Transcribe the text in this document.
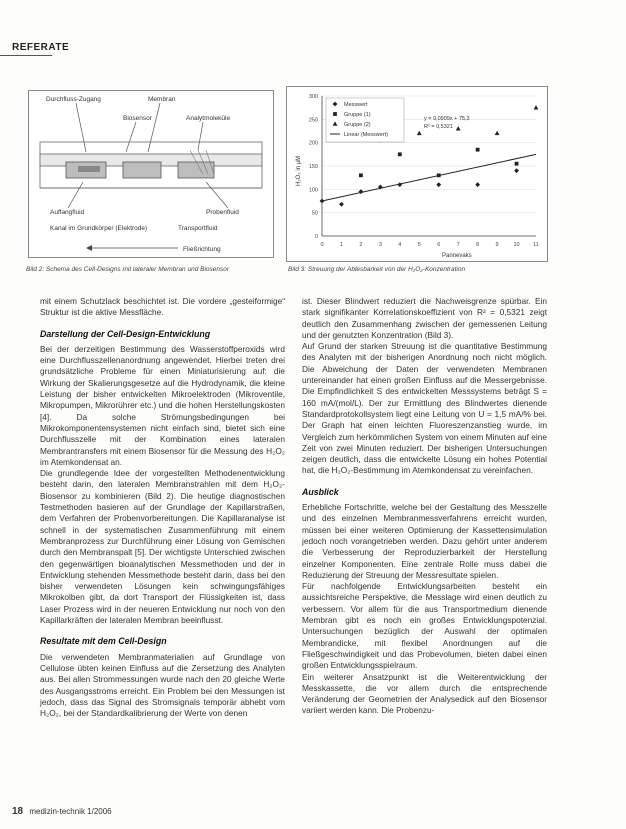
REFERATE
Durchfluss-Zugang	Membran
Biosensor	Analytmoleküle
Auffangfluid	Probenfluid
Kanal im Grundkörper (Elektrode)	Transportfluid
Fließrichtung
Bild 2: Schema des Cell-Designs mit lateraler Membran und Biosensor
0
50
100
150
200
250
300
0	1	2	3	4	5	6	7	8	9	10 11
Messwert
Gruppe (1)
Gruppe (2)
Linear (Messwert)
y = 9,0909x + 75,3
R² = 0,5321
H₂O₂ in µM
Pannevaks
Bild 3: Streuung der Ablesbarkeit von der H₂O₂-Konzentration

mit einem Schutzlack beschichtet ist. Die vordere „gesteiformige“ Struktur ist die aktive Messfläche.

Darstellung der Cell-Design-Entwicklung

Bei der derzeitigen Bestimmung des Wasserstoffperoxids wird eine Durchflusszellenanordnung angewendet. Hierbei treten drei grundsätzliche Probleme für einen Miniaturisierung auf: die Wirkung der Skalierungsgesetze auf die Hydrodynamik, die kleine Leistung der bisher entwickelten Mikroelektroden (Mikroventile, Mikropumpen, Mikrorührer etc.) und die hohen Herstellungskosten [4]. Da solche Strömungsbedingungen bei Mikrokomponentensystemen nicht einfach sind, bietet sich eine Durchflusszelle mit der Kombination eines lateralen Membrantransfers mit einem Biosensor für die Messung des H₂O₂ im Atemkondensat an.

Die grundlegende Idee der vorgestellten Methodenentwicklung besteht darin, den lateralen Membranstrahlen mit dem H₂O₂-Biosensor zu kombinieren (Bild 2). Die heutige diagnostischen Testmethoden basieren auf der Grundlage der Kapillarstraßen, dem Verfahren der Probenvorbereitungen. Die Kapillaranalyse ist schnell in der systematischen Zusammenführung mit einem Membranprozess zur Durchführung einer Lösung von Gemischen durch den Membranspalt [5]. Der wichtigste Unterschied zwischen den gegenwärtigen bioanalytischen Messmethoden und der in Entwicklung stehenden Messmethode besteht darin, dass bei den bisher verwendeten Lösungen kein schwingungsfähiges Mikrokolben gibt, da dort Transport der Flüssigkeiten ist, dass Laser Prozess wird in der neueren Entwicklung nur noch von den Kapillarkräften der lateralen Membran beeinflusst.

Resultate mit dem Cell-Design

Die verwendeten Membranmaterialien auf Grundlage von Cellulose übten keinen Einfluss auf die Zersetzung des Analyten aus. Bei allen Strommessungen wurde nach den 20 gleiche Werte des Ausgangsstroms erreicht. Ein Problem bei den Messungen ist jedoch, dass das Signal des Stromsignals temporär abhebt vom H₂O₂, bei der Standardkalibrierung der Werte von denen

ist. Dieser Blindwert reduziert die Nachweisgrenze spürbar. Ein stark signifikanter Korrelationskoeffizient von R² = 0,5321 zeigt deutlich den Zusammenhang zwischen der gemessenen Leitung und der genutzten Konzentration (Bild 3).

Auf Grund der starken Streuung ist die quantitative Bestimmung des Analyten mit der bisherigen Anordnung noch nicht möglich. Die Abweichung der Daten der verwendeten Membranen untereinander hat einen großen Einfluss auf die Messergebnisse. Die Empfindlichkeit S des entwickelten Messsystems beträgt S = 160 mA/(mol/L). Der zur Ermittlung des Blindwertes dienende Standardprotokollsystem liegt eine Leitung von U = 1,5 mA/% bei. Der Graph hat einen leichten Fluoreszenzanstieg wurde, im Vergleich zum herkömmlichen System von einem Minuten auf eine Zeit von zwei Minuten reduziert. Der bisherigen Untersuchungen zeigen deutlich, dass die entwickelte Lösung ein hohes Potential hat, die H₂O₂-Bestimmung im Atemkondensat zu vereinfachen.

Ausblick

Erhebliche Fortschritte, welche bei der Gestaltung des Messzelle und des einzelnen Membranmessverfahrens erreicht wurden, müssen bei einer weiteren Optimierung der Kassettensimulation jedoch noch vorangetrieben werden. Dazu gehört unter anderem die Verbesserung der Reproduzierbarkeit der Herstellung einzelner Komponenten. Eine zentrale Rolle muss dabei die Reduzierung der Streuung der Messresultate spielen.

Für nachfolgende Entwicklungsarbeiten besteht ein aussichtsreiche Perspektive, die Messlage wird einen deutlich zu verbessern. Vor allem für die aus Transportmedium dienende Membran gibt es noch ein großes Entwicklungspotenzial. Untersuchungen bezüglich der Auswahl der optimalen Membrandicke, mit flexibel Anordnungen auf die Fließgeschwindigkeit und das Probevolumen, bieten dabei einen großen Entwicklungsspielraum.

Ein weiterer Ansatzpunkt ist die Weiterentwicklung der Messkassette, die vor allem durch die entsprechende Veränderung der Geometrien der Analysedick auf den Biosensor variiert werden kann. Die Probenzu-

18 medizin-technik 1/2006
